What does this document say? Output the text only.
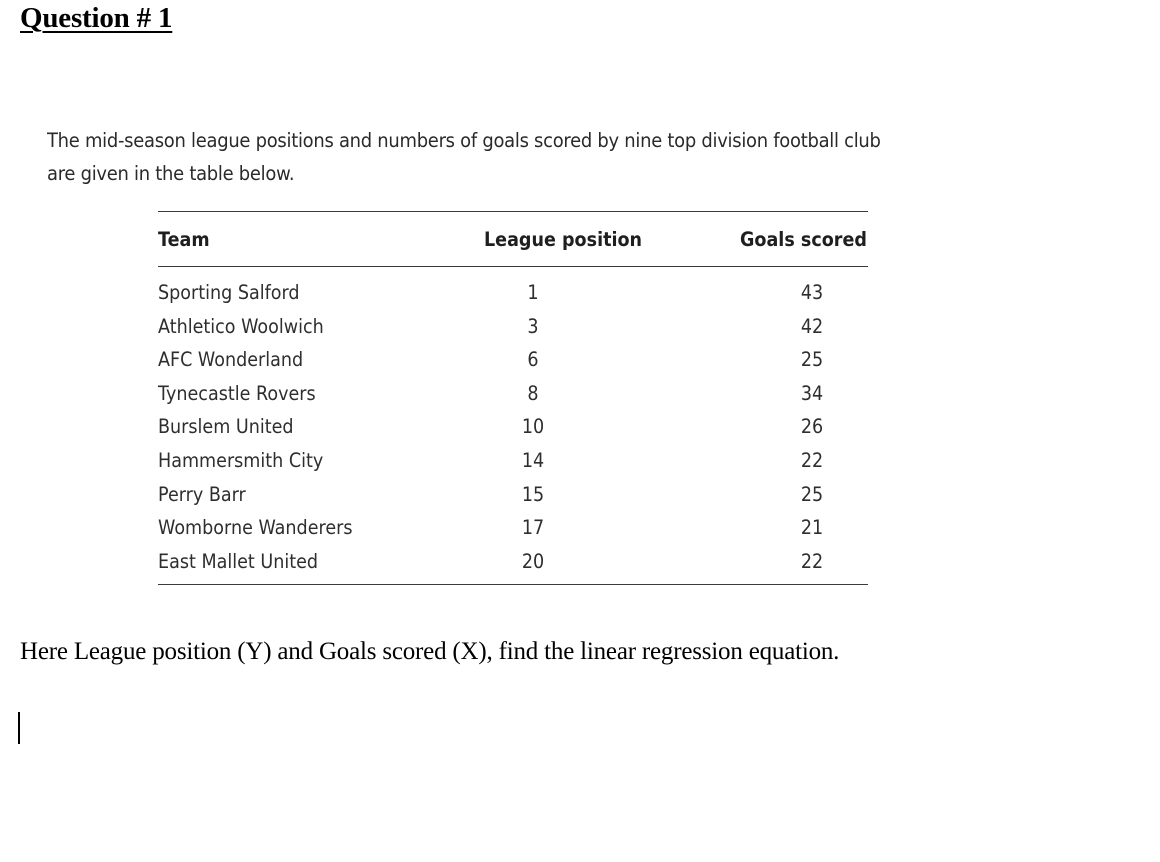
Question # 1
The mid-season league positions and numbers of goals scored by nine top division football club
are given in the table below.
Team	League position	Goals scored
Sporting Salford	1	43
Athletico Woolwich	3	42
AFC Wonderland	6	25
Tynecastle Rovers	8	34
Burslem United	10	26
Hammersmith City	14	22
Perry Barr	15	25
Womborne Wanderers	17	21
East Mallet United	20	22
Here League position (Y) and Goals scored (X), find the linear regression equation.
